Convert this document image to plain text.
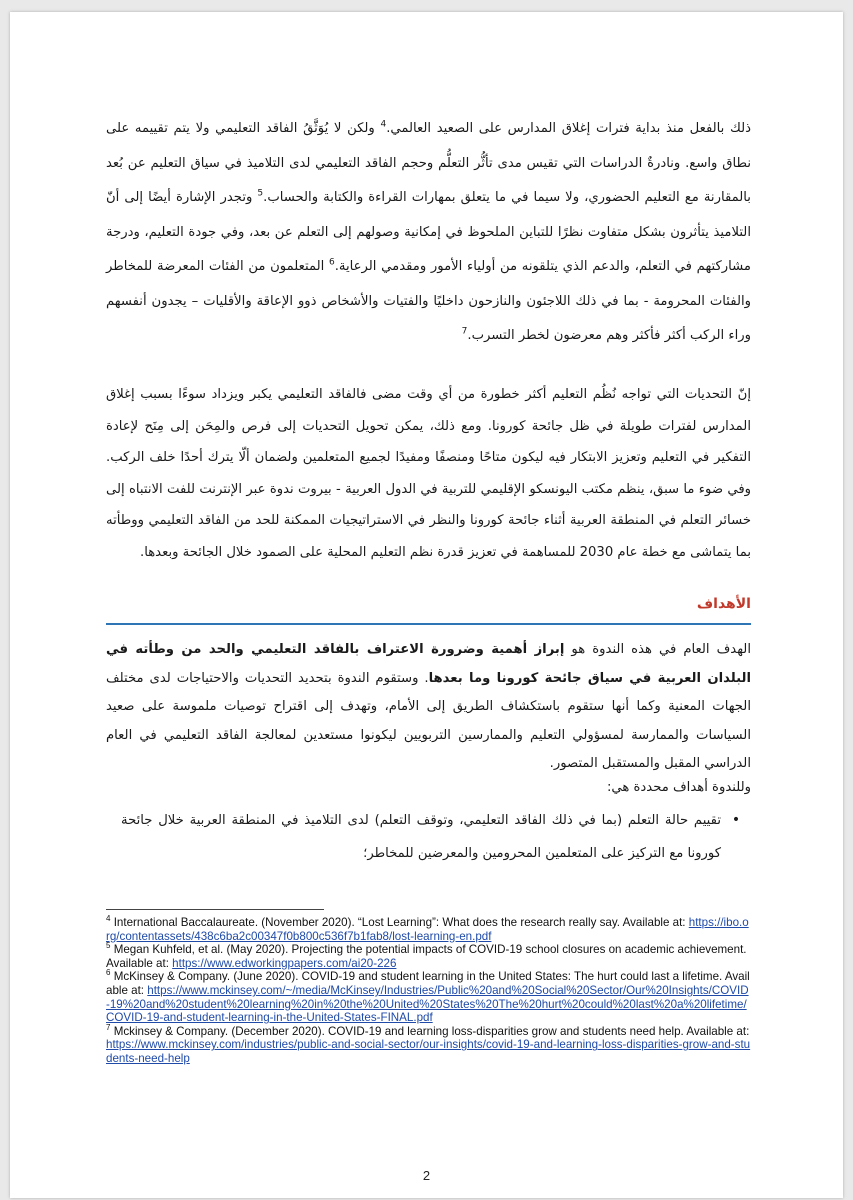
ذلك بالفعل منذ بداية فترات إغلاق المدارس على الصعيد العالمي.$^4$ ولكن لا يُوَثَّقُ الفاقد التعليمي ولا يتم تقييمه على نطاق واسع. ونادرةٌ الدراسات التي تقيس مدى تأثُّر التعلُّم وحجم الفاقد التعليمي لدى التلاميذ في سياق التعليم عن بُعد بالمقارنة مع التعليم الحضوري، ولا سيما في ما يتعلق بمهارات القراءة والكتابة والحساب.$^5$ وتجدر الإشارة أيضًا إلى أنّ التلاميذ يتأثرون بشكل متفاوت نظرًا للتباين الملحوظ في إمكانية وصولهم إلى التعلم عن بعد، وفي جودة التعليم، ودرجة مشاركتهم في التعلم، والدعم الذي يتلقونه من أولياء الأمور ومقدمي الرعاية.$^6$ المتعلمون من الفئات المعرضة للمخاطر والفئات المحرومة - بما في ذلك اللاجئون والنازحون داخليًا والفتيات والأشخاص ذوو الإعاقة والأقليات – يجدون أنفسهم وراء الركب أكثر فأكثر وهم معرضون لخطر التسرب.$^7$

إنّ التحديات التي تواجه نُظُم التعليم أكثر خطورة من أي وقت مضى فالفاقد التعليمي يكبر ويزداد سوءًا بسبب إغلاق المدارس لفترات طويلة في ظل جائحة كورونا. ومع ذلك، يمكن تحويل التحديات إلى فرص والمِحَن إلى مِنَح لإعادة التفكير في التعليم وتعزيز الابتكار فيه ليكون متاحًا ومنصفًا ومفيدًا لجميع المتعلمين ولضمان ألّا يترك أحدًا خلف الركب. وفي ضوء ما سبق، ينظم مكتب اليونسكو الإقليمي للتربية في الدول العربية - بيروت ندوة عبر الإنترنت للفت الانتباه إلى خسائر التعلم في المنطقة العربية أثناء جائحة كورونا والنظر في الاستراتيجيات الممكنة للحد من الفاقد التعليمي ووطأته بما يتماشى مع خطة عام 2030 للمساهمة في تعزيز قدرة نظم التعليم المحلية على الصمود خلال الجائحة وبعدها.

الأهداف

الهدف العام في هذه الندوة هو إبراز أهمية وضرورة الاعتراف بالفاقد التعليمي والحد من وطأته في البلدان العربية في سياق جائحة كورونا وما بعدها. وستقوم الندوة بتحديد التحديات والاحتياجات لدى مختلف الجهات المعنية وكما أنها ستقوم باستكشاف الطريق إلى الأمام، وتهدف إلى اقتراح توصيات ملموسة على صعيد السياسات والممارسة لمسؤولي التعليم والممارسين التربويين ليكونوا مستعدين لمعالجة الفاقد التعليمي في العام الدراسي المقبل والمستقبل المتصور.

وللندوة أهداف محددة هي:

•
تقييم حالة التعلم (بما في ذلك الفاقد التعليمي، وتوقف التعلم) لدى التلاميذ في المنطقة العربية خلال جائحة كورونا مع التركيز على المتعلمين المحرومين والمعرضين للمخاطر؛

$^4$ International Baccalaureate. (November 2020). “Lost Learning”: What does the research really say. Available at: https://ibo.org/contentassets/438c6ba2c00347f0b800c536f7b1fab8/lost-learning-en.pdf

$^5$ Megan Kuhfeld, et al. (May 2020). Projecting the potential impacts of COVID-19 school closures on academic achievement. Available at: https://www.edworkingpapers.com/ai20-226

$^6$ McKinsey & Company. (June 2020). COVID-19 and student learning in the United States: The hurt could last a lifetime. Available at: https://www.mckinsey.com/~/media/McKinsey/Industries/Public%20and%20Social%20Sector/Our%20Insights/COVID-19%20and%20student%20learning%20in%20the%20United%20States%20The%20hurt%20could%20last%20a%20lifetime/COVID-19-and-student-learning-in-the-United-States-FINAL.pdf

$^7$ Mckinsey & Company. (December 2020). COVID-19 and learning loss-disparities grow and students need help. Available at: https://www.mckinsey.com/industries/public-and-social-sector/our-insights/covid-19-and-learning-loss-disparities-grow-and-students-need-help

2
